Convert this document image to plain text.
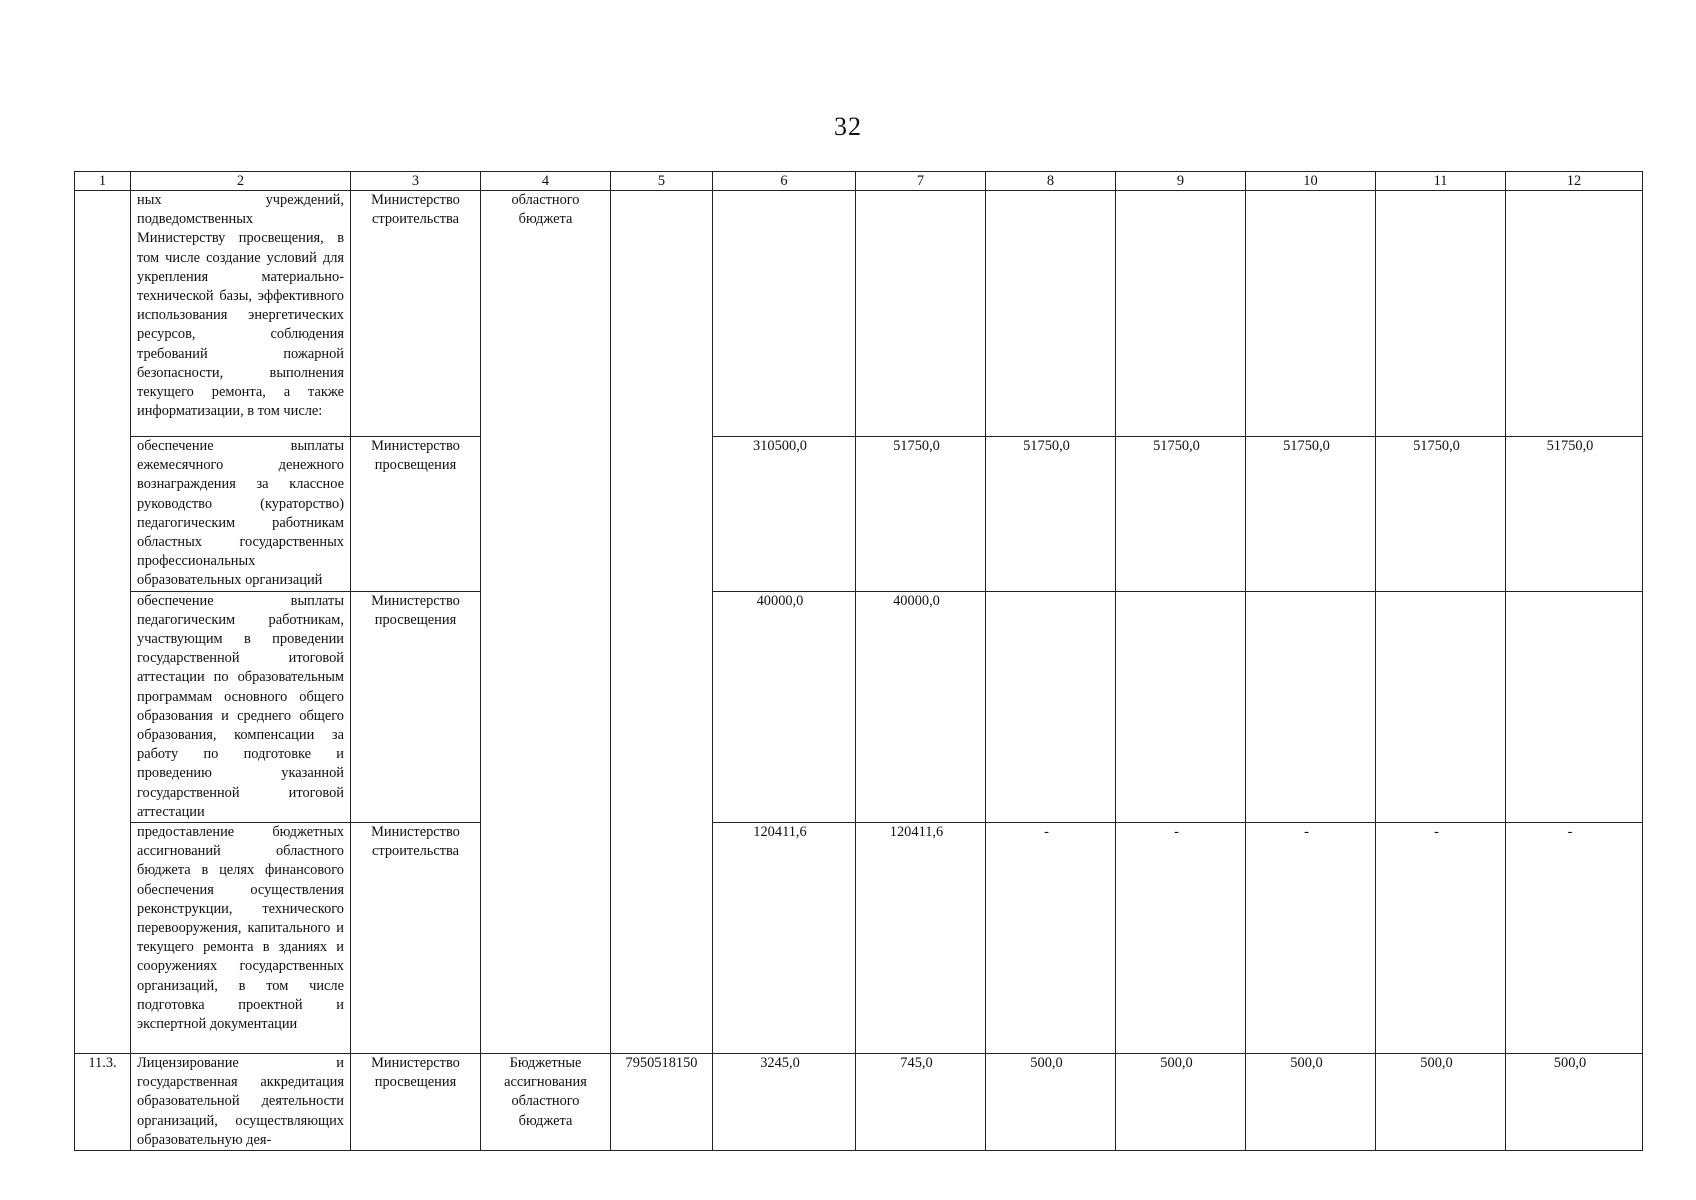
32
1	2	3	4	5	6	7	8	9	10	11	12
	ных учреждений, подведомственных Министерству просвещения, в том числе создание условий для укрепления материально-технической базы, эффективного использования энергетических ресурсов, соблюдения требований пожарной безопасности, выполнения текущего ремонта, а также информатизации, в том числе:	Министерство строительства	областного бюджета								
	обеспечение выплаты ежемесячного денежного вознаграждения за классное руководство (кураторство) педагогическим работникам областных государственных профессиональных образовательных организаций	Министерство просвещения			310500,0	51750,0	51750,0	51750,0	51750,0	51750,0	51750,0
	обеспечение выплаты педагогическим работникам, участвующим в проведении государственной итоговой аттестации по образовательным программам основного общего образования и среднего общего образования, компенсации за работу по подготовке и проведению указанной государственной итоговой аттестации	Министерство просвещения			40000,0	40000,0					
	предоставление бюджетных ассигнований областного бюджета в целях финансового обеспечения осуществления реконструкции, технического перевооружения, капитального и текущего ремонта в зданиях и сооружениях государственных организаций, в том числе подготовка проектной и экспертной документации	Министерство строительства			120411,6	120411,6	-	-	-	-	-
11.3.	Лицензирование и государственная аккредитация образовательной деятельности организаций, осуществляющих образовательную дея-	Министерство просвещения	Бюджетные ассигнования областного бюджета	7950518150	3245,0	745,0	500,0	500,0	500,0	500,0	500,0
